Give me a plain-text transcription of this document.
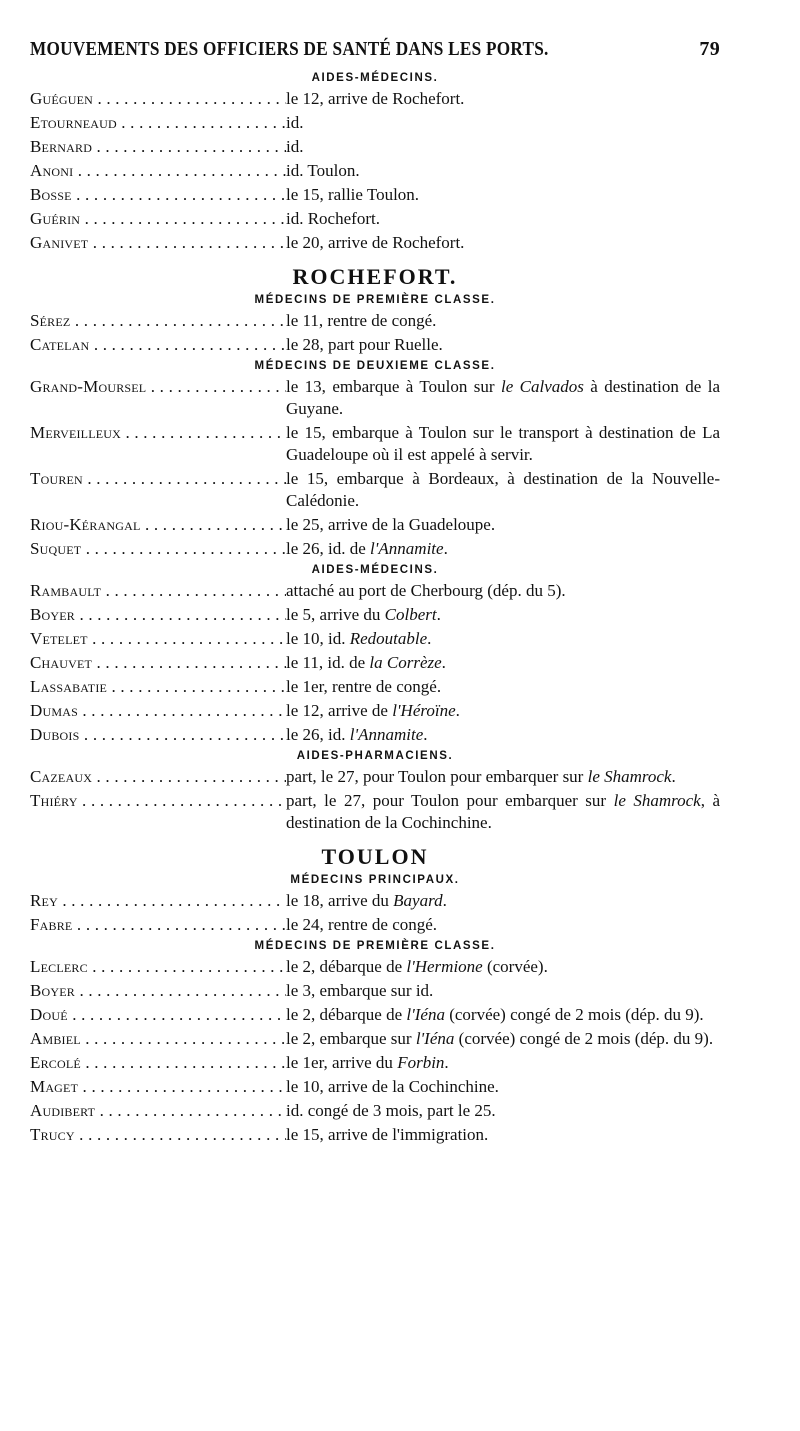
MOUVEMENTS DES OFFICIERS DE SANTÉ DANS LES PORTS.	79
AIDES-MÉDECINS.
Guéguen . . .	le 12, arrive de Rochefort.
Etourneaud . . .	id.
Bernard . . .	id.
Anoni . . .	id. Toulon.
Bosse . . .	le 15, rallie Toulon.
Guérin . . .	id. Rochefort.
Ganivet . . .	le 20, arrive de Rochefort.
ROCHEFORT.
MÉDECINS DE PREMIÈRE CLASSE.
Sérez . . .	le 11, rentre de congé.
Catelan . . .	le 28, part pour Ruelle.
MÉDECINS DE DEUXIEME CLASSE.
Grand-Moursel . . .	le 13, embarque à Toulon sur le Calvados à destination de la Guyane.
Merveilleux . . .	le 15, embarque à Toulon sur le transport à destination de La Guadeloupe où il est appelé à servir.
Touren . . .	le 15, embarque à Bordeaux, à destination de la Nouvelle-Calédonie.
Riou-Kérangal . . .	le 25, arrive de la Guadeloupe.
Suquet . . .	le 26, id. de l'Annamite.
AIDES-MÉDECINS.
Rambault . . .	attaché au port de Cherbourg (dép. du 5).
Boyer . . .	le 5, arrive du Colbert.
Vetelet . . .	le 10, id. Redoutable.
Chauvet . . .	le 11, id. de la Corrèze.
Lassabatie . . .	le 1er, rentre de congé.
Dumas . . .	le 12, arrive de l'Héroïne.
Dubois . . .	le 26, id. l'Annamite.
AIDES-PHARMACIENS.
Cazeaux . . .	part, le 27, pour Toulon pour embarquer sur le Shamrock.
Thiéry . . .	part, le 27, pour Toulon pour embarquer sur le Shamrock, à destination de la Cochinchine.
TOULON
MÉDECINS PRINCIPAUX.
Rey . . .	le 18, arrive du Bayard.
Fabre . . .	le 24, rentre de congé.
MÉDECINS DE PREMIÈRE CLASSE.
Leclerc . . .	le 2, débarque de l'Hermione (corvée).
Boyer . . .	le 3, embarque sur id.
Doué . . .	le 2, débarque de l'Iéna (corvée) congé de 2 mois (dép. du 9).
Ambiel . . .	le 2, embarque sur l'Iéna (corvée) congé de 2 mois (dép. du 9).
Ercolé . . .	le 1er, arrive du Forbin.
Maget . . .	le 10, arrive de la Cochinchine.
Audibert . . .	id. congé de 3 mois, part le 25.
Trucy . . .	le 15, arrive de l'immigration.
